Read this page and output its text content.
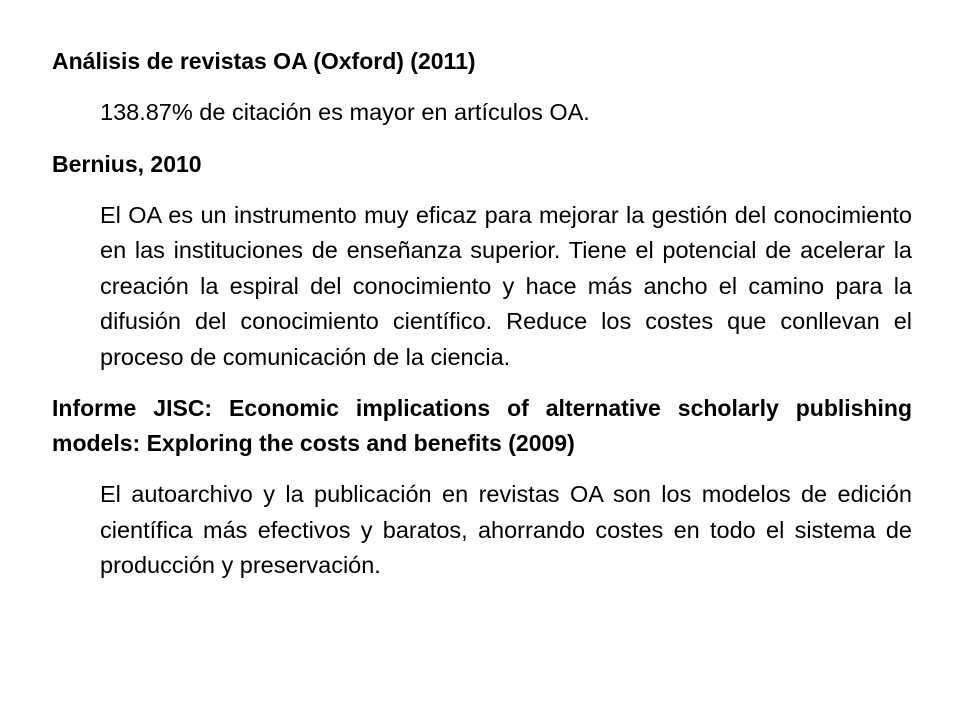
Análisis de revistas OA (Oxford) (2011)
138.87% de citación es mayor en artículos OA.
Bernius, 2010
El OA es un instrumento muy eficaz para mejorar la gestión del conocimiento en las instituciones de enseñanza superior. Tiene el potencial de acelerar la creación la espiral del conocimiento y hace más ancho el camino para la difusión del conocimiento científico. Reduce los costes que conllevan el proceso de comunicación de la ciencia.
Informe JISC: Economic implications of alternative scholarly publishing models: Exploring the costs and benefits (2009)
El autoarchivo y la publicación en revistas OA son los modelos de edición científica más efectivos y baratos, ahorrando costes en todo el sistema de producción y preservación.
